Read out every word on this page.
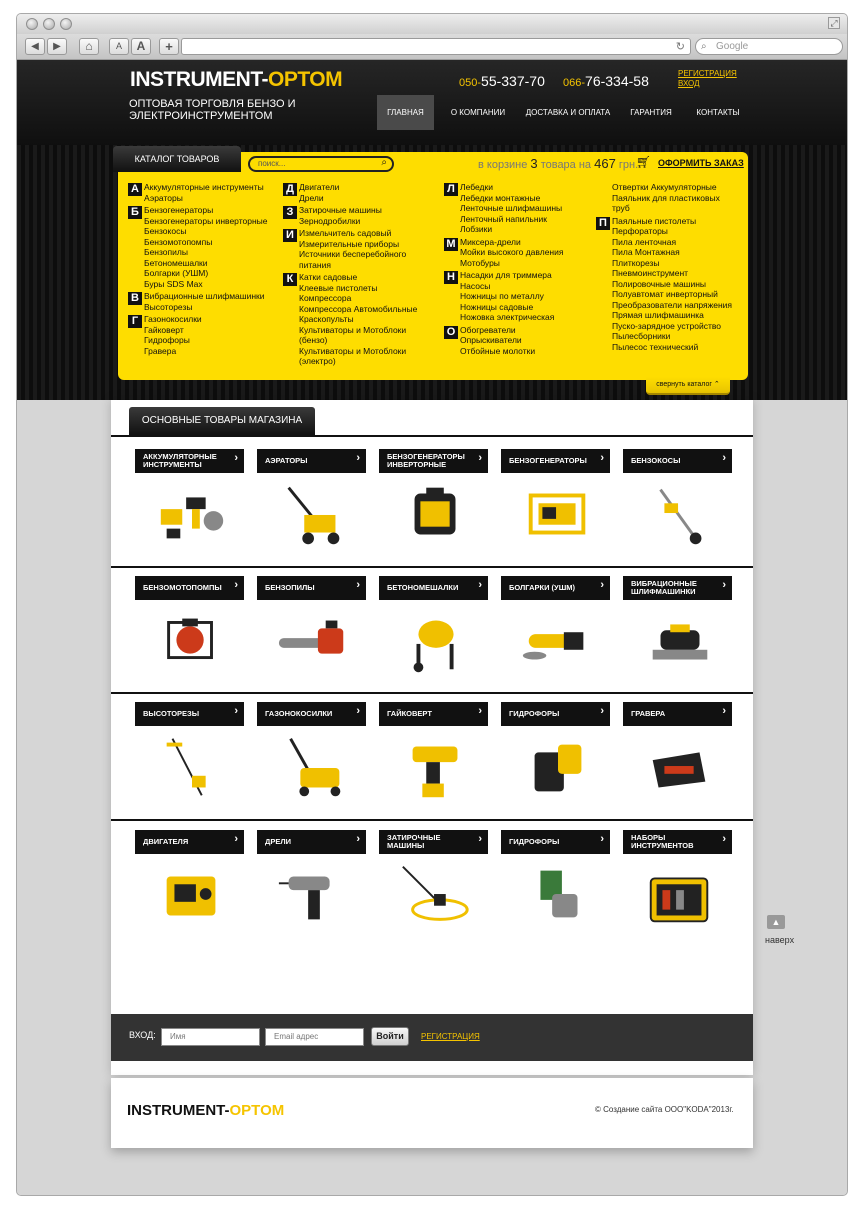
⤢
◀	▶	⌂	A	A	+	↻ ⌕ Google
INSTRUMENT-OPTOM
ОПТОВАЯ ТОРГОВЛЯ БЕНЗО И ЭЛЕКТРОИНСТРУМЕНТОМ
050-55-337-70 066-76-334-58	РЕГИСТРАЦИЯ
ВХОД
ГЛАВНАЯ	О КОМПАНИИ	ДОСТАВКА И ОПЛАТА	ГАРАНТИЯ	КОНТАКТЫ
КАТАЛОГ ТОВАРОВ	поиск...	⌕	в корзине 3 товара на 467 грн.
🛒︎ ОФОРМИТЬ ЗАКАЗ
А Аккумуляторные инструменты
Аэраторы
Б Бензогенераторы
Бензогенераторы инверторные
Бензокосы
Бензомотопомпы
Бензопилы
Бетономешалки
Болгарки (УШМ)
Буры SDS Max
В Вибрационные шлифмашинки
Высоторезы
Г Газонокосилки
Гайковерт
Гидрофоры
Гравера
Д Двигатели
Дрели
З Затирочные машины
Зернодробилки
И Измельчитель садовый
Измерительные приборы
Источники бесперебойного питания
К Катки садовые
Клеевые пистолеты
Компрессора
Компрессора Автомобильные
Краскопульты
Культиваторы и Мотоблоки (бензо)
Культиваторы и Мотоблоки (электро)
Л Лебедки
Лебедки монтажные
Ленточные шлифмашины
Ленточный напильник
Лобзики
М Миксера-дрели
Мойки высокого давления
Мотобуры
Н Насадки для триммера
Насосы
Ножницы по металлу
Ножницы садовые
Ножовка электрическая
О Обогреватели
Опрыскиватели
Отбойные молотки
Отвертки Аккумуляторные
Паяльник для пластиковых труб
П Паяльные пистолеты
Перфораторы
Пила ленточная
Пила Монтажная
Плиткорезы
Пневмоинструмент
Полировочные машины
Полуавтомат инверторный
Преобразователи напряжения
Прямая шлифмашинка
Пуско-зарядное устройство
Пылесборники
Пылесос технический
свернуть каталог ⌃
ОСНОВНЫЕ ТОВАРЫ МАГАЗИНА
АККУМУЛЯТОРНЫЕ ИНСТРУМЕНТЫ
›	АЭРАТОРЫ	›	БЕНЗОГЕНЕРАТОРЫ ИНВЕРТОРНЫЕ
›	БЕНЗОГЕНЕРАТОРЫ ›	БЕНЗОКОСЫ	›
БЕНЗОМОТОПОМПЫ ›	БЕНЗОПИЛЫ	›	БЕТОНОМЕШАЛКИ ›	БОЛГАРКИ (УШМ) ›	ВИБРАЦИОННЫЕ ШЛИФМАШИНКИ
›
ВЫСОТОРЕЗЫ	›	ГАЗОНОКОСИЛКИ ›	ГАЙКОВЕРТ	›	ГИДРОФОРЫ	›	ГРАВЕРА	›
ДВИГАТЕЛЯ	›	ДРЕЛИ	›	ЗАТИРОЧНЫЕ МАШИНЫ
›	ГИДРОФОРЫ	›	НАБОРЫ ИНСТРУМЕНТОВ
›
ВХОД:	Имя	Email адрес	Войти	РЕГИСТРАЦИЯ
INSTRUMENT-OPTOM	© Создание сайта ООО"KODA"2013г.
▲
наверх
